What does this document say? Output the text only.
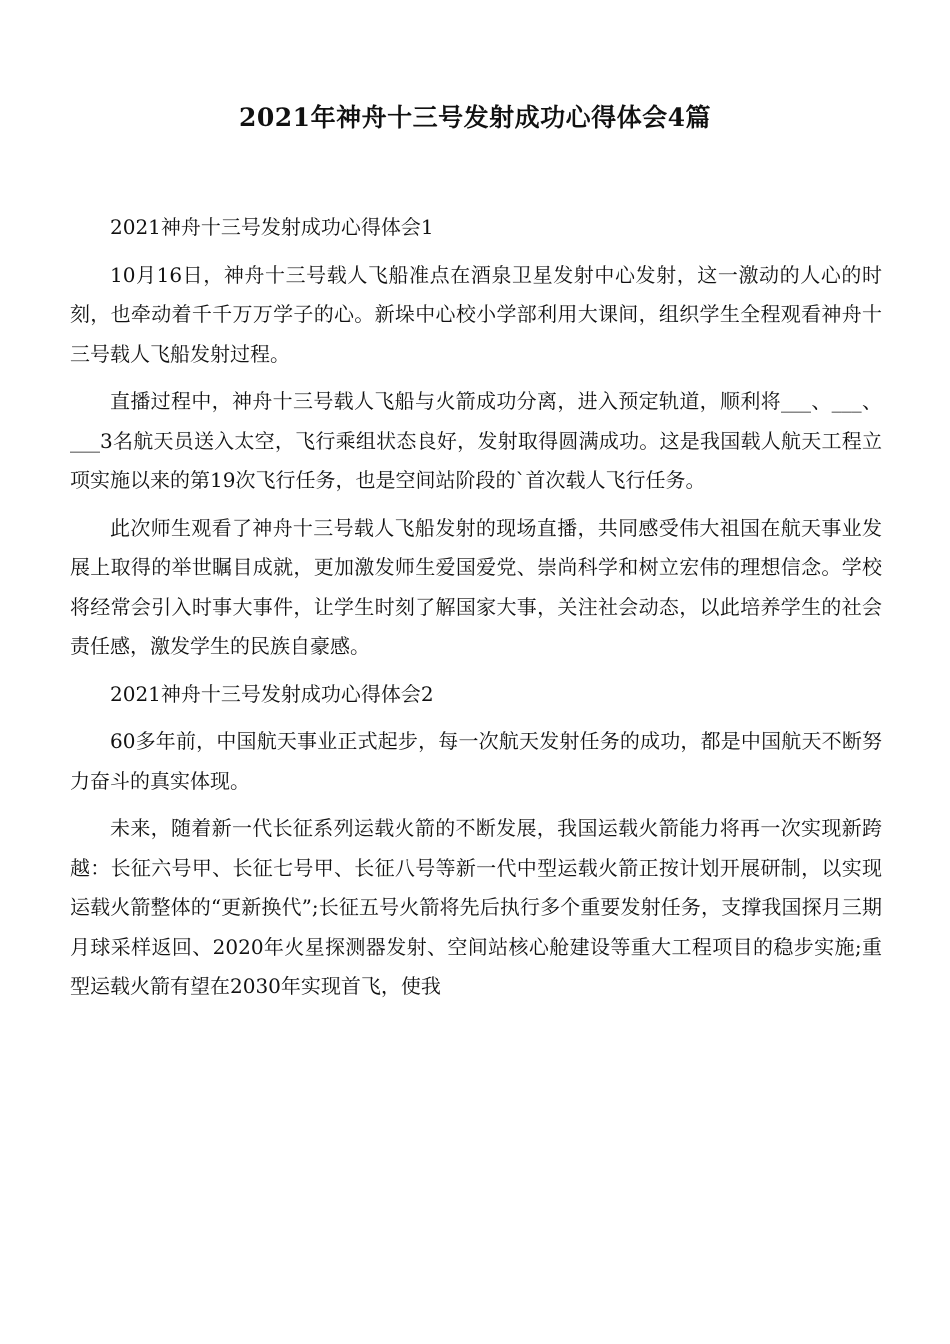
2021年神舟十三号发射成功心得体会4篇

2021神舟十三号发射成功心得体会1

10月16日，神舟十三号载人飞船准点在酒泉卫星发射中心发射，这一激动的人心的时刻，也牵动着千千万万学子的心。新垛中心校小学部利用大课间，组织学生全程观看神舟十三号载人飞船发射过程。

直播过程中，神舟十三号载人飞船与火箭成功分离，进入预定轨道，顺利将___、___、___3名航天员送入太空，飞行乘组状态良好，发射取得圆满成功。这是我国载人航天工程立项实施以来的第19次飞行任务，也是空间站阶段的`首次载人飞行任务。

此次师生观看了神舟十三号载人飞船发射的现场直播，共同感受伟大祖国在航天事业发展上取得的举世瞩目成就，更加激发师生爱国爱党、崇尚科学和树立宏伟的理想信念。学校将经常会引入时事大事件，让学生时刻了解国家大事，关注社会动态，以此培养学生的社会责任感，激发学生的民族自豪感。

2021神舟十三号发射成功心得体会2

60多年前，中国航天事业正式起步，每一次航天发射任务的成功，都是中国航天不断努力奋斗的真实体现。

未来，随着新一代长征系列运载火箭的不断发展，我国运载火箭能力将再一次实现新跨越：长征六号甲、长征七号甲、长征八号等新一代中型运载火箭正按计划开展研制，以实现运载火箭整体的“更新换代”;长征五号火箭将先后执行多个重要发射任务，支撑我国探月三期月球采样返回、2020年火星探测器发射、空间站核心舱建设等重大工程项目的稳步实施;重型运载火箭有望在2030年实现首飞，使我
